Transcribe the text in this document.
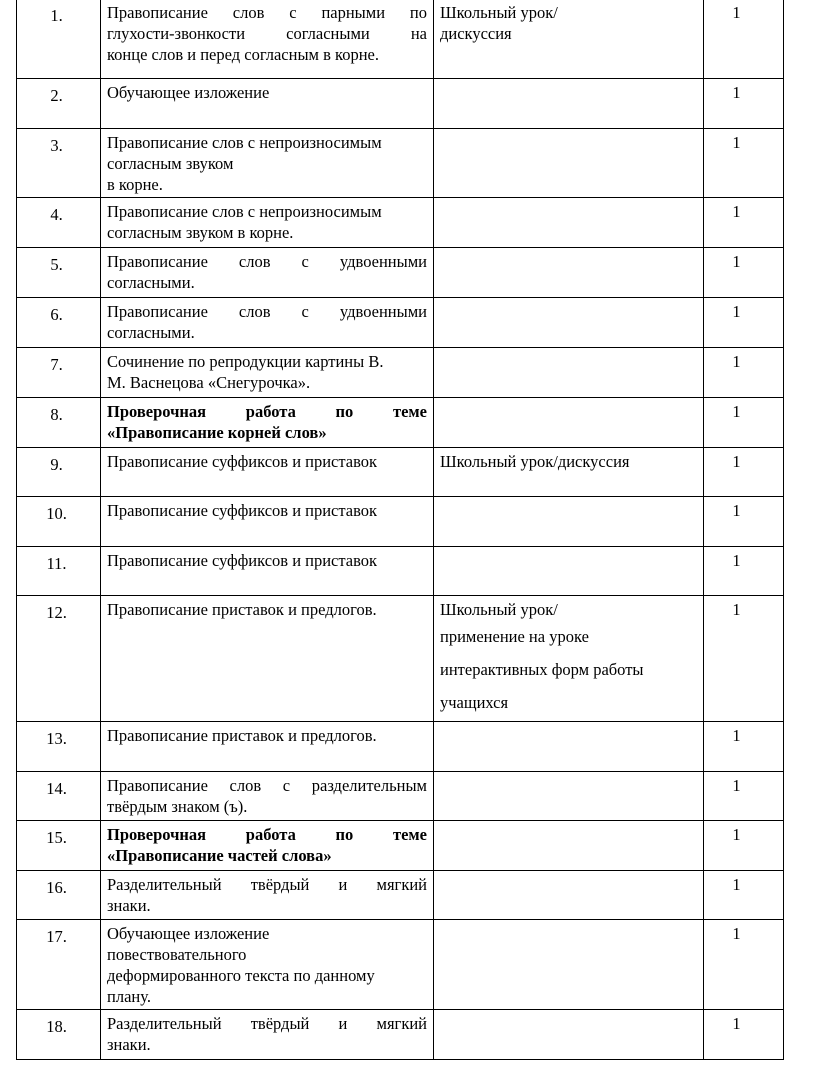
1.	Правописание слов с парными по
глухости-звонкости согласными на
конце слов и перед согласным в корне.	Школьный урок/
дискуссия	1
2.	Обучающее изложение		1
3.	Правописание слов с непроизносимым
согласным звуком
в корне.		1
4.	Правописание слов с непроизносимым
согласным звуком в корне.		1
5.	Правописание слов с удвоенными
согласными.		1
6.	Правописание слов с удвоенными
согласными.		1
7.	Сочинение по репродукции картины В.
М. Васнецова «Снегурочка».		1
8.	Проверочная работа по теме
«Правописание корней слов»		1
9.	Правописание суффиксов и приставок	Школьный урок/дискуссия	1
10.	Правописание суффиксов и приставок		1
11.	Правописание суффиксов и приставок		1
12.	Правописание приставок и предлогов.	Школьный урок/
применение на уроке
интерактивных форм работы
учащихся	1
13.	Правописание приставок и предлогов.		1
14.	Правописание слов с разделительным
твёрдым знаком (ъ).		1
15.	Проверочная работа по теме
«Правописание частей слова»		1
16.	Разделительный твёрдый и мягкий
знаки.		1
17.	Обучающее изложение
повествовательного
деформированного текста по данному
плану.		1
18.	Разделительный твёрдый и мягкий
знаки.		1
